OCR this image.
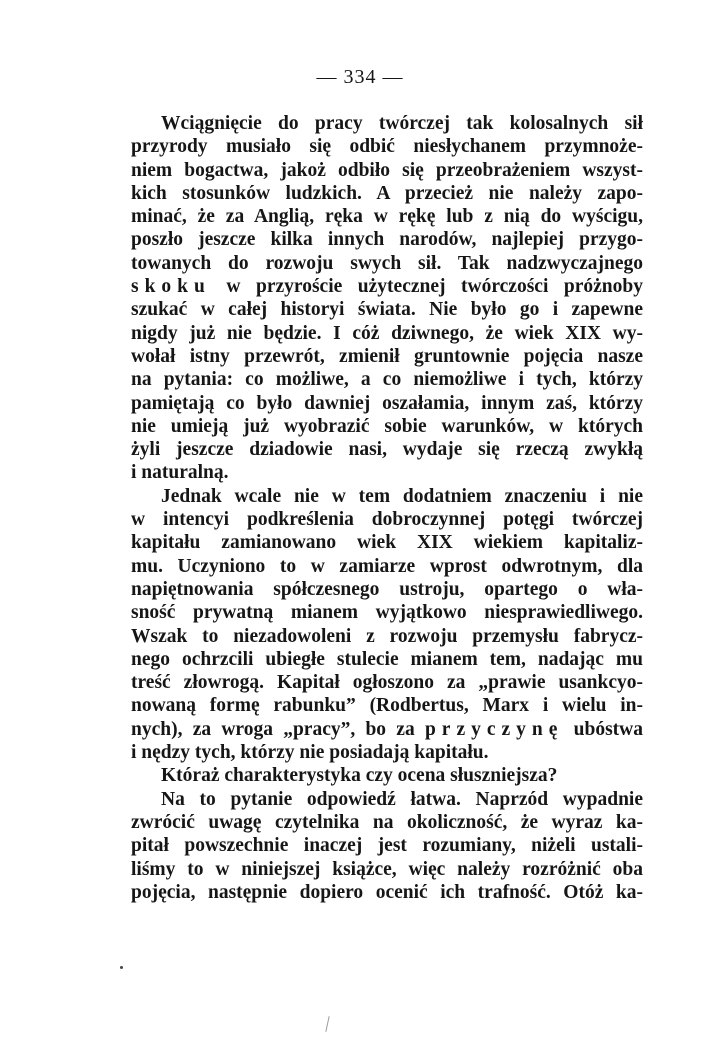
— 334 —
Wciągnięcie do pracy twórczej tak kolosalnych sił
przyrody musiało się odbić niesłychanem przymnoże-
niem bogactwa, jakoż odbiło się przeobrażeniem wszyst-
kich stosunków ludzkich. A przecież nie należy zapo-
minać, że za Anglią, ręka w rękę lub z nią do wyścigu,
poszło jeszcze kilka innych narodów, najlepiej przygo-
towanych do rozwoju swych sił. Tak nadzwyczajnego
skoku w przyroście użytecznej twórczości próżnoby
szukać w całej historyi świata. Nie było go i zapewne
nigdy już nie będzie. I cóż dziwnego, że wiek XIX wy-
wołał istny przewrót, zmienił gruntownie pojęcia nasze
na pytania: co możliwe, a co niemożliwe i tych, którzy
pamiętają co było dawniej oszałamia, innym zaś, którzy
nie umieją już wyobrazić sobie warunków, w których
żyli jeszcze dziadowie nasi, wydaje się rzeczą zwykłą
i naturalną.
Jednak wcale nie w tem dodatniem znaczeniu i nie
w intencyi podkreślenia dobroczynnej potęgi twórczej
kapitału zamianowano wiek XIX wiekiem kapitaliz-
mu. Uczyniono to w zamiarze wprost odwrotnym, dla
napiętnowania spółczesnego ustroju, opartego o wła-
sność prywatną mianem wyjątkowo niesprawiedliwego.
Wszak to niezadowoleni z rozwoju przemysłu fabrycz-
nego ochrzcili ubiegłe stulecie mianem tem, nadając mu
treść złowrogą. Kapitał ogłoszono za „prawie usankcyo-
nowaną formę rabunku” (Rodbertus, Marx i wielu in-
nych), za wroga „pracy”, bo za przyczynę ubóstwa
i nędzy tych, którzy nie posiadają kapitału.
Któraż charakterystyka czy ocena słuszniejsza?
Na to pytanie odpowiedź łatwa. Naprzód wypadnie
zwrócić uwagę czytelnika na okoliczność, że wyraz ka-
pitał powszechnie inaczej jest rozumiany, niżeli ustali-
liśmy to w niniejszej książce, więc należy rozróżnić oba
pojęcia, następnie dopiero ocenić ich trafność. Otóż ka-
